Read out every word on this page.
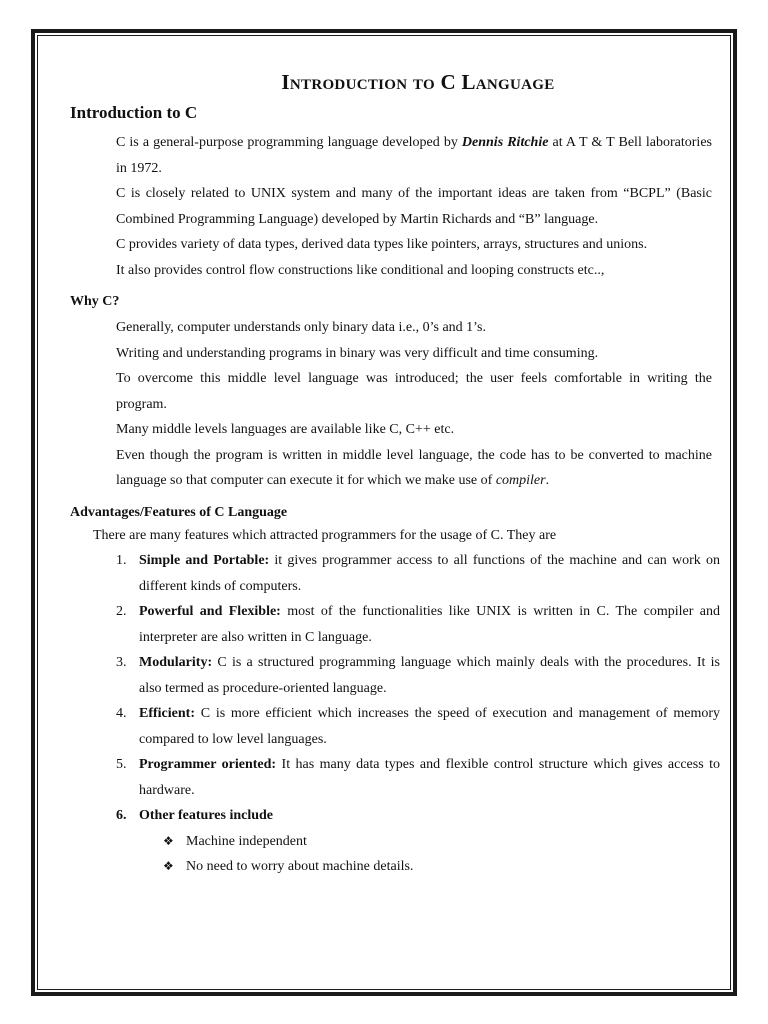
Introduction to C Language
Introduction to C
C is a general-purpose programming language developed by Dennis Ritchie at A T & T Bell laboratories in 1972.
C is closely related to UNIX system and many of the important ideas are taken from “BCPL” (Basic Combined Programming Language) developed by Martin Richards and “B” language.
C provides variety of data types, derived data types like pointers, arrays, structures and unions.
It also provides control flow constructions like conditional and looping constructs etc..,
Why C?
Generally, computer understands only binary data i.e., 0’s and 1’s.
Writing and understanding programs in binary was very difficult and time consuming.
To overcome this middle level language was introduced; the user feels comfortable in writing the program.
Many middle levels languages are available like C, C++ etc.
Even though the program is written in middle level language, the code has to be converted to machine language so that computer can execute it for which we make use of compiler.
Advantages/Features of C Language
There are many features which attracted programmers for the usage of C. They are
1. Simple and Portable: it gives programmer access to all functions of the machine and can work on different kinds of computers.
2. Powerful and Flexible: most of the functionalities like UNIX is written in C. The compiler and interpreter are also written in C language.
3. Modularity: C is a structured programming language which mainly deals with the procedures. It is also termed as procedure-oriented language.
4. Efficient: C is more efficient which increases the speed of execution and management of memory compared to low level languages.
5. Programmer oriented: It has many data types and flexible control structure which gives access to hardware.
6. Other features include
❖ Machine independent
❖ No need to worry about machine details.
